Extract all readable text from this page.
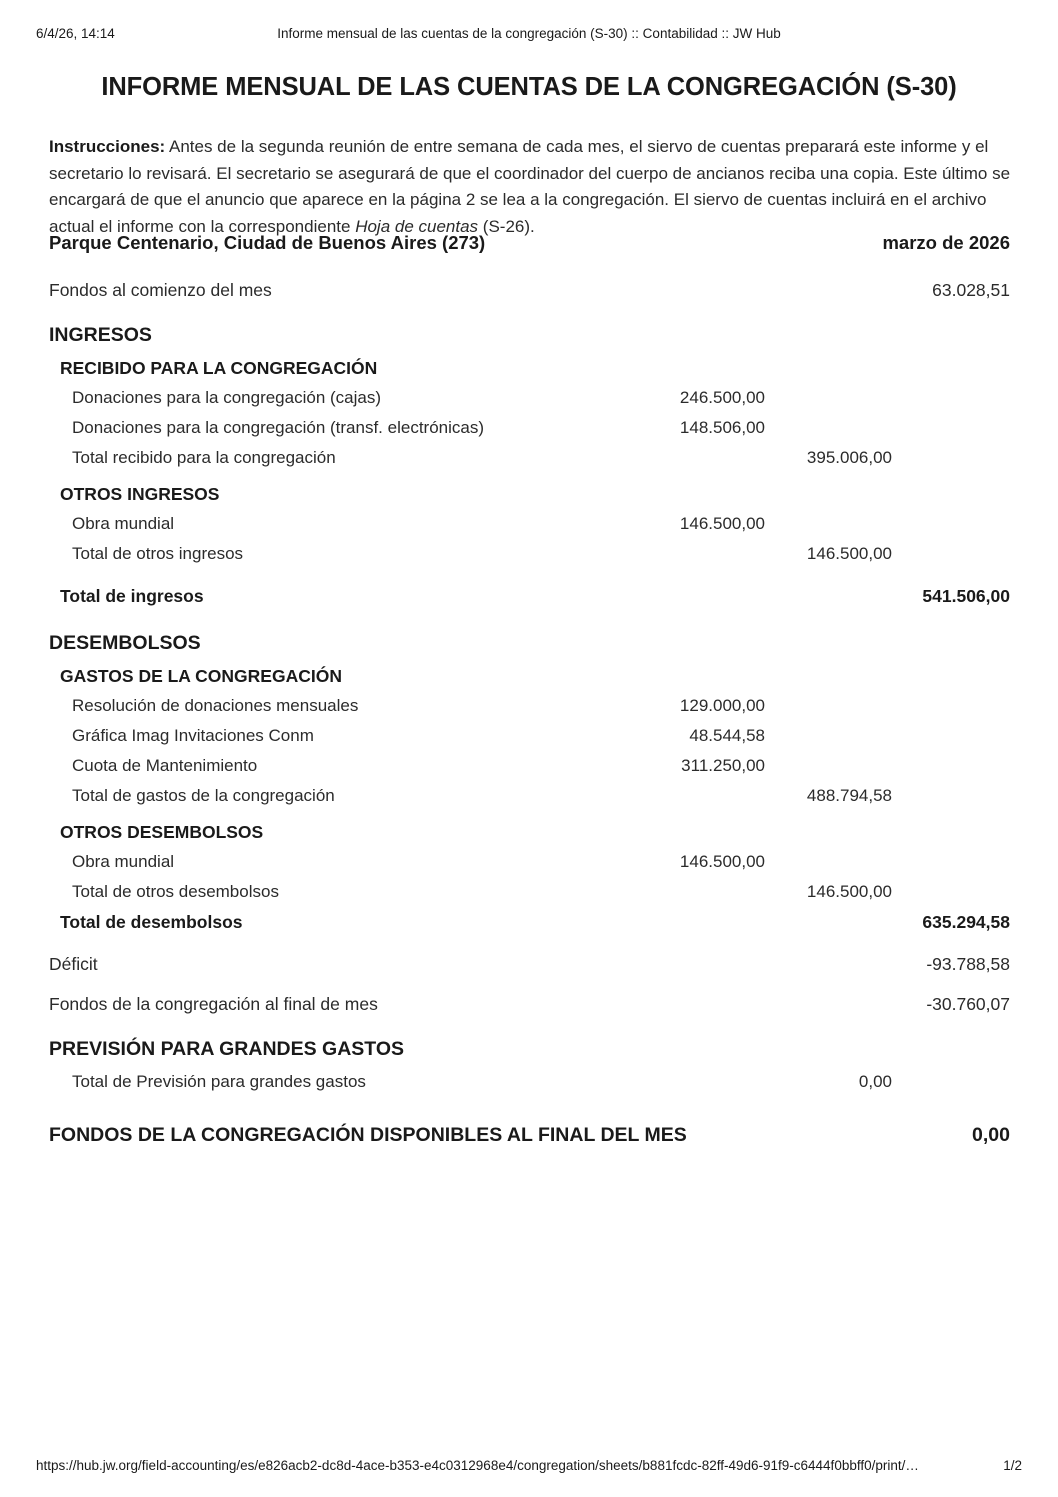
6/4/26, 14:14	Informe mensual de las cuentas de la congregación (S-30) :: Contabilidad :: JW Hub
INFORME MENSUAL DE LAS CUENTAS DE LA CONGREGACIÓN (S-30)

Instrucciones: Antes de la segunda reunión de entre semana de cada mes, el siervo de cuentas preparará este informe y el secretario lo revisará. El secretario se asegurará de que el coordinador del cuerpo de ancianos reciba una copia. Este último se encargará de que el anuncio que aparece en la página 2 se lea a la congregación. El siervo de cuentas incluirá en el archivo actual el informe con la correspondiente Hoja de cuentas (S-26).

Parque Centenario, Ciudad de Buenos Aires (273)	marzo de 2026
Fondos al comienzo del mes	63.028,51
INGRESOS
RECIBIDO PARA LA CONGREGACIÓN
Donaciones para la congregación (cajas)	246.500,00
Donaciones para la congregación (transf. electrónicas)	148.506,00
Total recibido para la congregación	395.006,00
OTROS INGRESOS
Obra mundial	146.500,00
Total de otros ingresos	146.500,00
Total de ingresos	541.506,00
DESEMBOLSOS
GASTOS DE LA CONGREGACIÓN
Resolución de donaciones mensuales	129.000,00
Gráfica Imag Invitaciones Conm	48.544,58
Cuota de Mantenimiento	311.250,00
Total de gastos de la congregación	488.794,58
OTROS DESEMBOLSOS
Obra mundial	146.500,00
Total de otros desembolsos	146.500,00
Total de desembolsos	635.294,58
Déficit	-93.788,58
Fondos de la congregación al final de mes	-30.760,07
PREVISIÓN PARA GRANDES GASTOS
Total de Previsión para grandes gastos	0,00
FONDOS DE LA CONGREGACIÓN DISPONIBLES AL FINAL DEL MES	0,00
https://hub.jw.org/field-accounting/es/e826acb2-dc8d-4ace-b353-e4c0312968e4/congregation/sheets/b881fcdc-82ff-49d6-91f9-c6444f0bbff0/print/…	1/2
